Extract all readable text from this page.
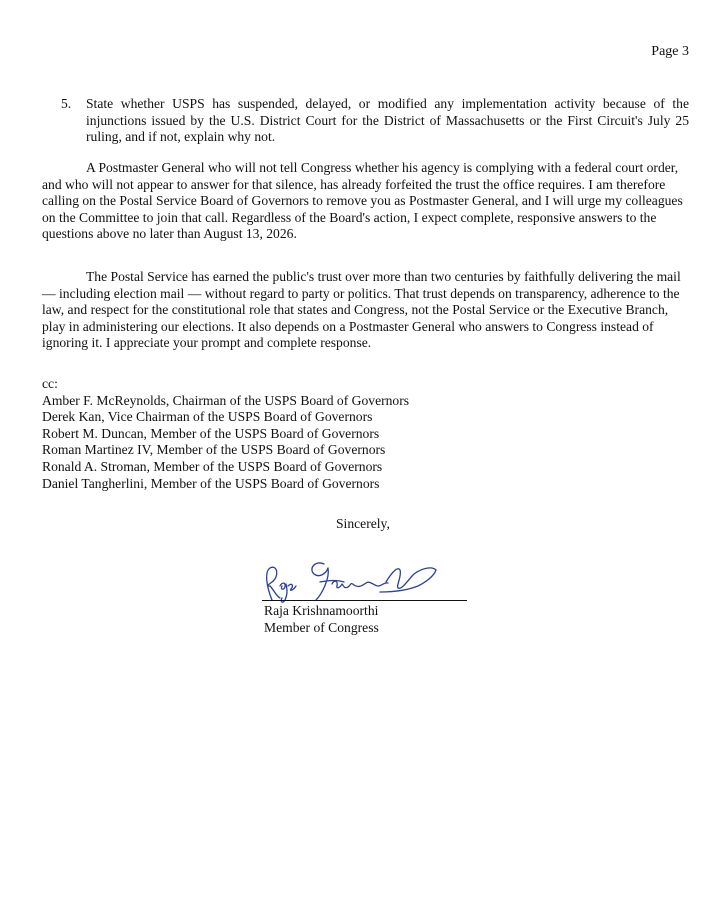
Page 3
5.	State whether USPS has suspended, delayed, or modified any implementation activity because of the injunctions issued by the U.S. District Court for the District of Massachusetts or the First Circuit's July 25 ruling, and if not, explain why not.

A Postmaster General who will not tell Congress whether his agency is complying with a federal court order, and who will not appear to answer for that silence, has already forfeited the trust the office requires. I am therefore calling on the Postal Service Board of Governors to remove you as Postmaster General, and I will urge my colleagues on the Committee to join that call. Regardless of the Board's action, I expect complete, responsive answers to the questions above no later than August 13, 2026.

The Postal Service has earned the public's trust over more than two centuries by faithfully delivering the mail — including election mail — without regard to party or politics. That trust depends on transparency, adherence to the law, and respect for the constitutional role that states and Congress, not the Postal Service or the Executive Branch, play in administering our elections. It also depends on a Postmaster General who answers to Congress instead of ignoring it. I appreciate your prompt and complete response.

cc:
Amber F. McReynolds, Chairman of the USPS Board of Governors
Derek Kan, Vice Chairman of the USPS Board of Governors
Robert M. Duncan, Member of the USPS Board of Governors
Roman Martinez IV, Member of the USPS Board of Governors
Ronald A. Stroman, Member of the USPS Board of Governors
Daniel Tangherlini, Member of the USPS Board of Governors
Sincerely,
Raja Krishnamoorthi
Member of Congress
